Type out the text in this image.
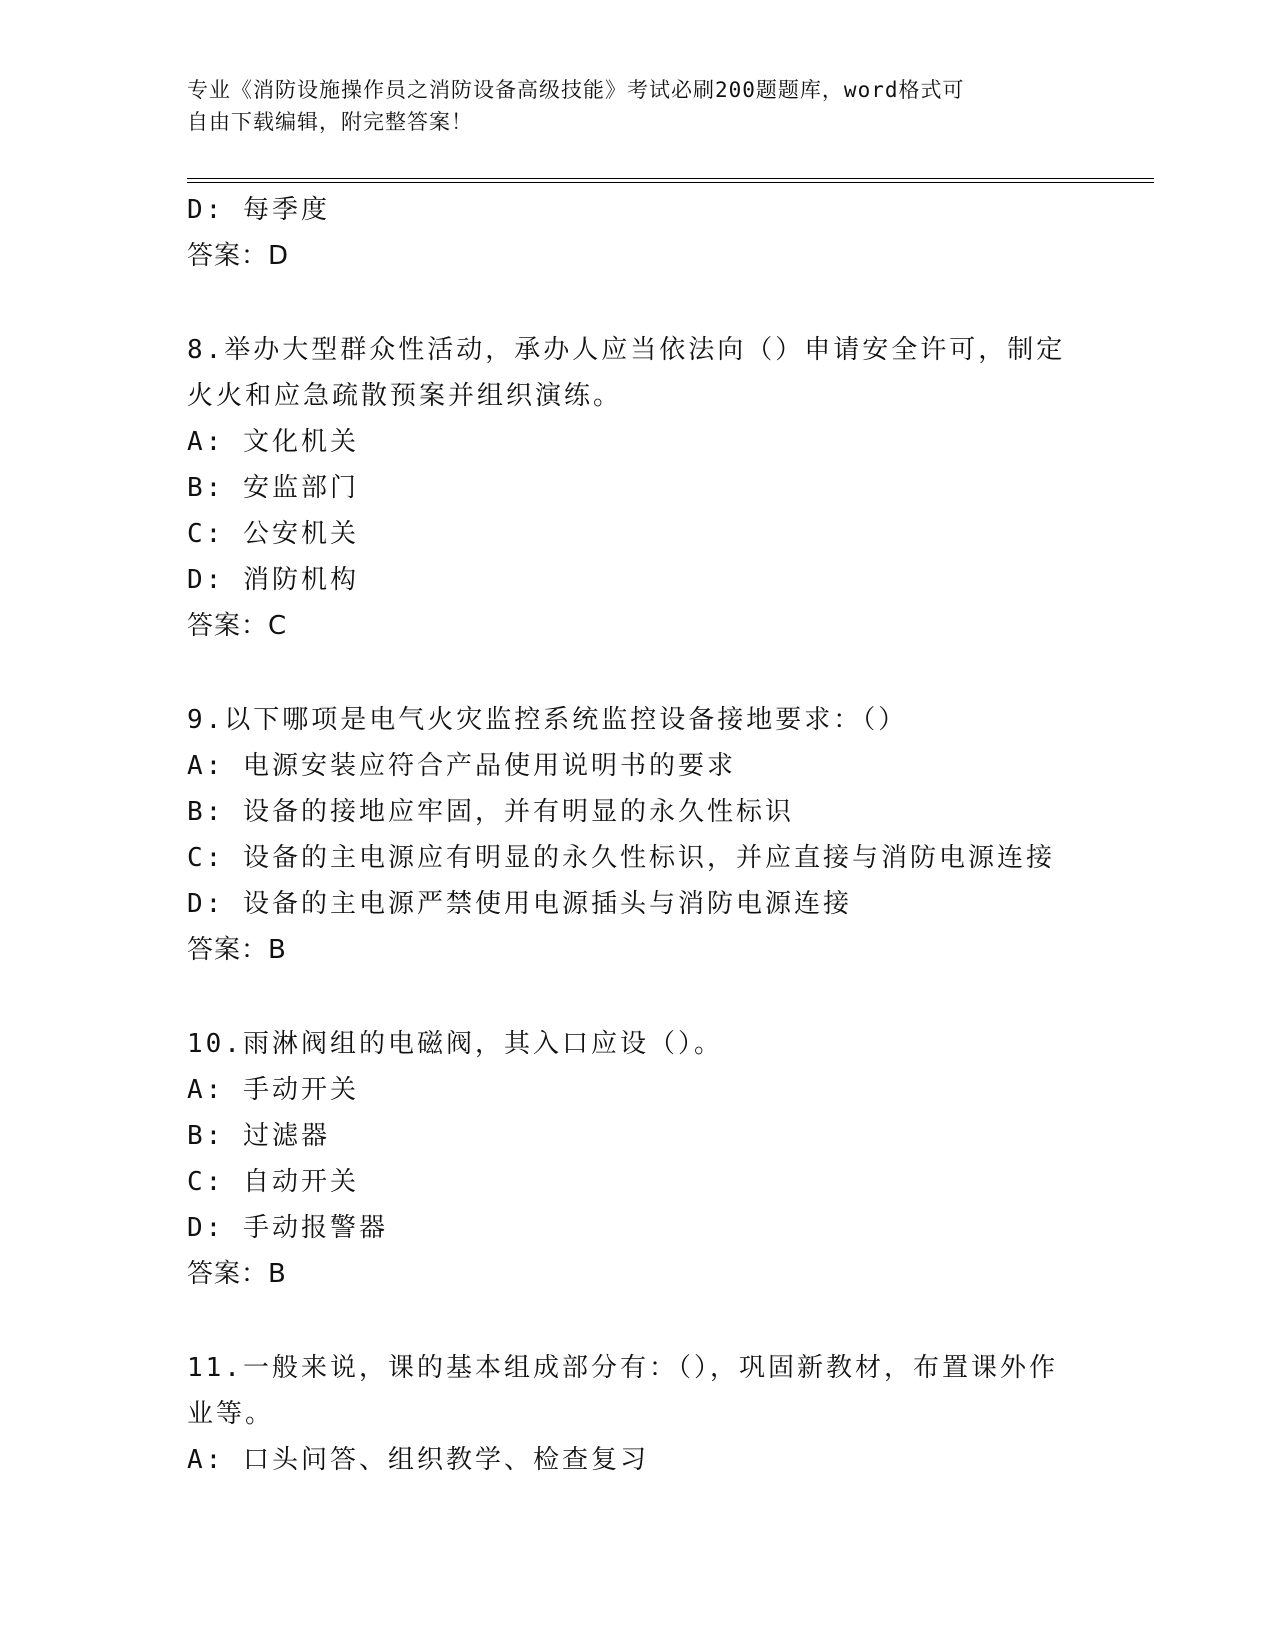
专业《消防设施操作员之消防设备高级技能》考试必刷200题题库，word格式可
自由下载编辑，附完整答案！
D: 每季度
答案：D
8.举办大型群众性活动，承办人应当依法向（）申请安全许可，制定
火火和应急疏散预案并组织演练。
A: 文化机关
B: 安监部门
C: 公安机关
D: 消防机构
答案：C
9.以下哪项是电气火灾监控系统监控设备接地要求：（）
A: 电源安装应符合产品使用说明书的要求
B: 设备的接地应牢固，并有明显的永久性标识
C: 设备的主电源应有明显的永久性标识，并应直接与消防电源连接
D: 设备的主电源严禁使用电源插头与消防电源连接
答案：B
10.雨淋阀组的电磁阀，其入口应设（）。
A: 手动开关
B: 过滤器
C: 自动开关
D: 手动报警器
答案：B
11.一般来说，课的基本组成部分有：（），巩固新教材，布置课外作
业等。
A: 口头问答、组织教学、检查复习
